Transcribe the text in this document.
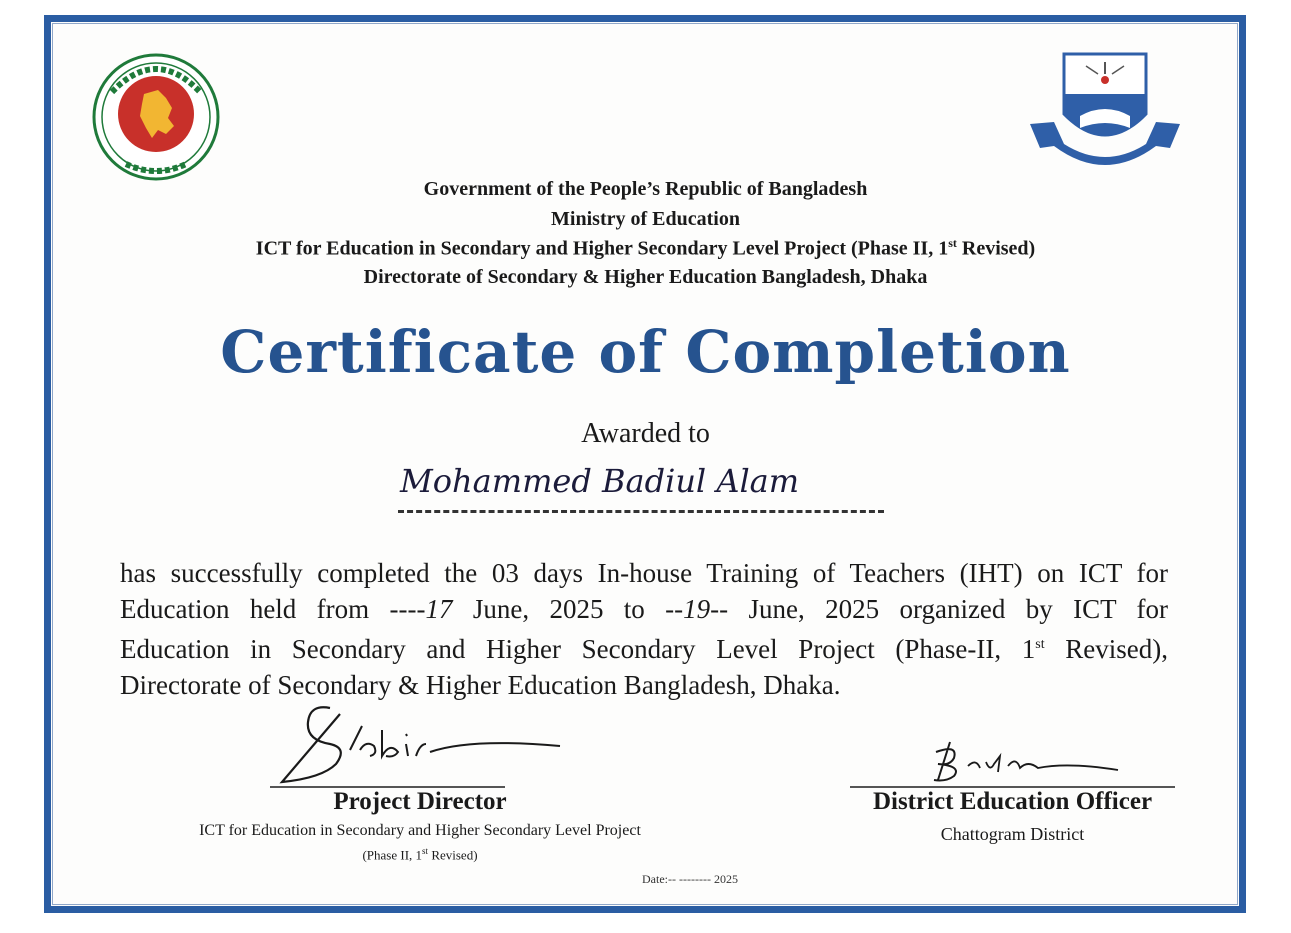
Government of the People’s Republic of Bangladesh
Ministry of Education
ICT for Education in Secondary and Higher Secondary Level Project (Phase II, 1st Revised)
Directorate of Secondary & Higher Education Bangladesh, Dhaka
Certificate of Completion
Awarded to
Mohammed Badiul Alam
has successfully completed the 03 days In-house Training of Teachers (IHT) on ICT for
Education held from ----17 June, 2025 to --19-- June, 2025 organized by ICT for
Education in Secondary and Higher Secondary Level Project (Phase-II, 1st Revised),
Directorate of Secondary & Higher Education Bangladesh, Dhaka.
Project Director
ICT for Education in Secondary and Higher Secondary Level Project
(Phase II, 1st Revised)
District Education Officer
Chattogram District
Date:-- -------- 2025
